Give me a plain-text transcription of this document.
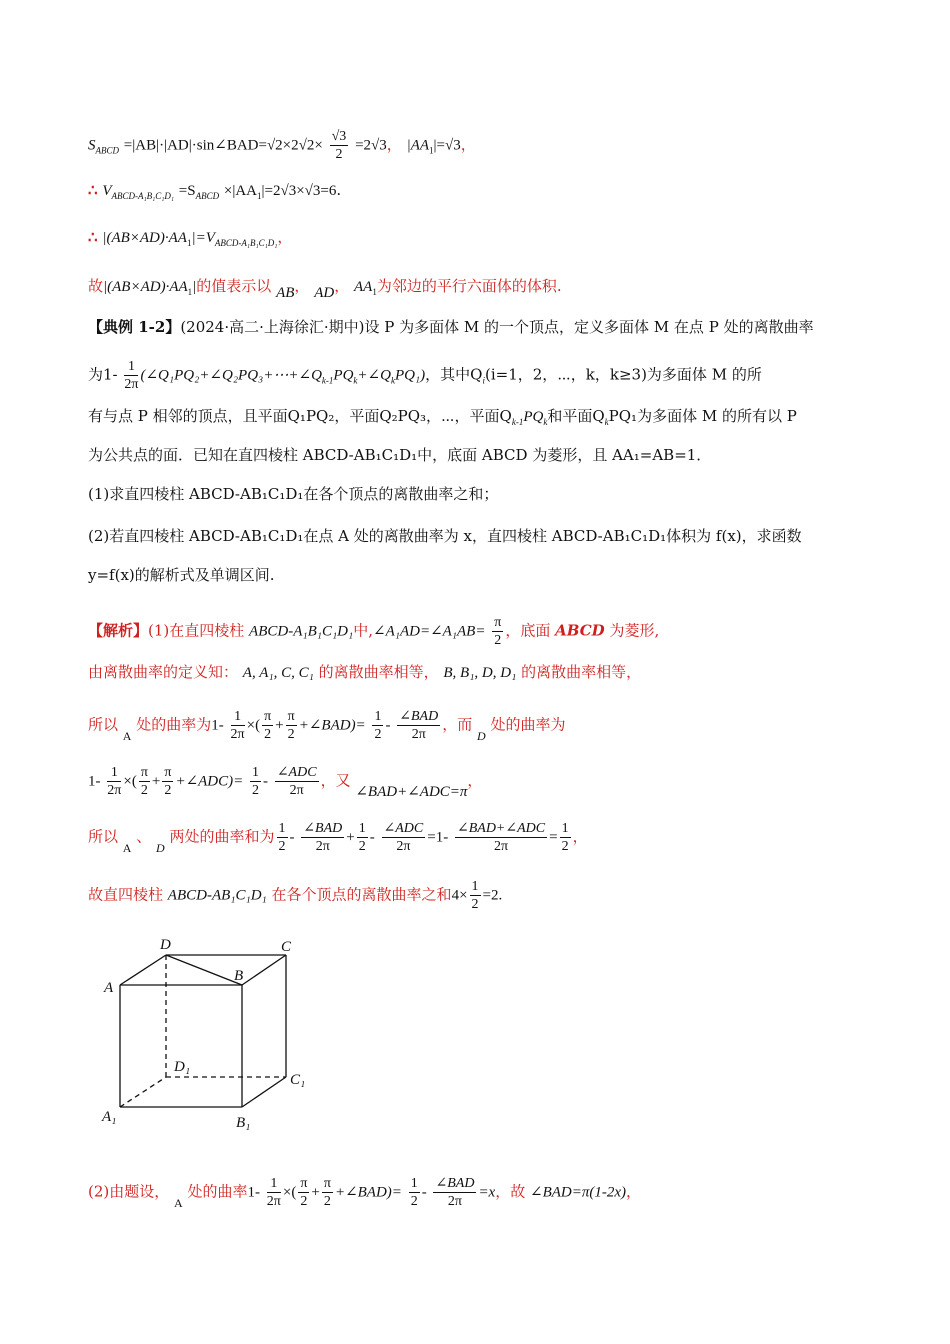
$S_{ABCD}$ =|AB|·|AD|·sin∠BAD=√2×2√2× $\frac{√3}{2} =2√3$， $|AA_1|=√3$，
∴ $V_{ABCD-A_1B_1C_1D_1} =S_{ABCD} \times|AA_1|=2√3\times√3=6$.
∴ $|(AB\times AD)\cdot AA_1|=V_{ABCD-A_1B_1C_1D_1}$，
故$|(AB\times AD)\cdot AA_1|$的值表示以 AB， AD， $AA_1$为邻边的平行六面体的体积.
【典例 1-2】(2024·高二·上海徐汇·期中)设 P 为多面体 M 的一个顶点，定义多面体 M 在点 P 处的离散曲率
为$1- \frac{1}{2\pi}$ $(\angle Q_1PQ_2+\angle Q_2PQ_3+\cdots+\angle Q_{k-1}PQ_k+\angle Q_kPQ_1)$，其中$Q_i(i=1$，2，⋯，k，k≥3)为多面体 M 的所
有与点 P 相邻的顶点，且平面Q₁PQ₂，平面Q₂PQ₃，⋯，平面$Q_{k-1}PQ_k$和平面$Q_kPQ_1$为多面体 M 的所有以 P
为公共点的面．已知在直四棱柱 ABCD-AB₁C₁D₁中，底面 ABCD 为菱形，且 AA₁=AB=1．
(1)求直四棱柱 ABCD-AB₁C₁D₁在各个顶点的离散曲率之和；
(2)若直四棱柱 ABCD-AB₁C₁D₁在点 A 处的离散曲率为 x，直四棱柱 ABCD-AB₁C₁D₁体积为 f(x)，求函数
y=f(x)的解析式及单调区间.
【解析】(1)在直四棱柱 ABCD-A₁B₁C₁D₁中,∠A₁AD=∠A₁AB= $\frac{\pi}{2}$ ，底面 ABCD 为菱形,
由离散曲率的定义知： A, A₁, C, C₁ 的离散曲率相等， B, B₁, D, D₁ 的离散曲率相等，
所以 $_A$ 处的曲率为$1- \frac{1}{2\pi}$ ×( $\frac{\pi}{2} + \frac{\pi}{2}$ +∠BAD)= $\frac{1}{2} - \frac{\text{∠BAD}}{2\pi}$ ，而 $_D$ 处的曲率为
$1- \frac{1}{2\pi}$ ×( $\frac{\pi}{2} + \frac{\pi}{2}$ +∠ADC)= $\frac{1}{2} - \frac{\text{∠ADC}}{2\pi}$ ，又 ∠BAD+∠ADC=π，
所以 $_A$ 、 $_D$ 两处的曲率和为 $\frac{1}{2} - \frac{\text{∠BAD}}{2\pi} + \frac{1}{2} - \frac{\text{∠ADC}}{2\pi} =1- \frac{\text{∠BAD+∠ADC}}{2\pi} = \frac{1}{2}$ ，
故直四棱柱 ABCD-AB₁C₁D₁ 在各个顶点的离散曲率之和$4\times \frac{1}{2} =2$.
D	C
A
B
D₁
C₁
A₁	B₁
(2)由题设， $_A$ 处的曲率$1- \frac{1}{2\pi}$ ×( $\frac{\pi}{2} + \frac{\pi}{2}$ +∠BAD)= $\frac{1}{2} - \frac{\text{∠BAD}}{2\pi} =x$，故 ∠BAD=π(1-2x)，
